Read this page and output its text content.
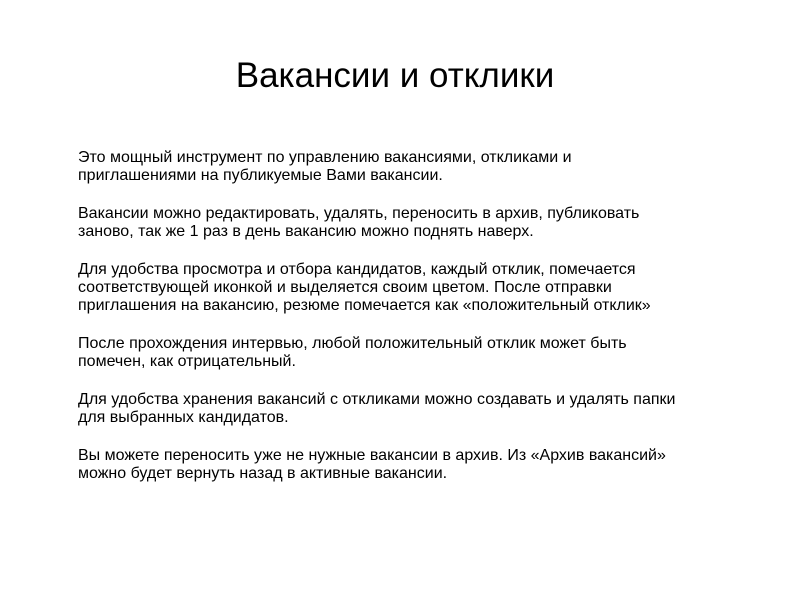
Вакансии и отклики

Это мощный инструмент по управлению вакансиями, откликами и
приглашениями на публикуемые Вами вакансии.

Вакансии можно редактировать, удалять, переносить в архив, публиковать
заново, так же 1 раз в день вакансию можно поднять наверх.

Для удобства просмотра и отбора кандидатов, каждый отклик, помечается
соответствующей иконкой и выделяется своим цветом. После отправки
приглашения на вакансию, резюме помечается как «положительный отклик»

После прохождения интервью, любой положительный отклик может быть
помечен, как отрицательный.

Для удобства хранения вакансий с откликами можно создавать и удалять папки
для выбранных кандидатов.

Вы можете переносить уже не нужные вакансии в архив. Из «Архив вакансий»
можно будет вернуть назад в активные вакансии.
